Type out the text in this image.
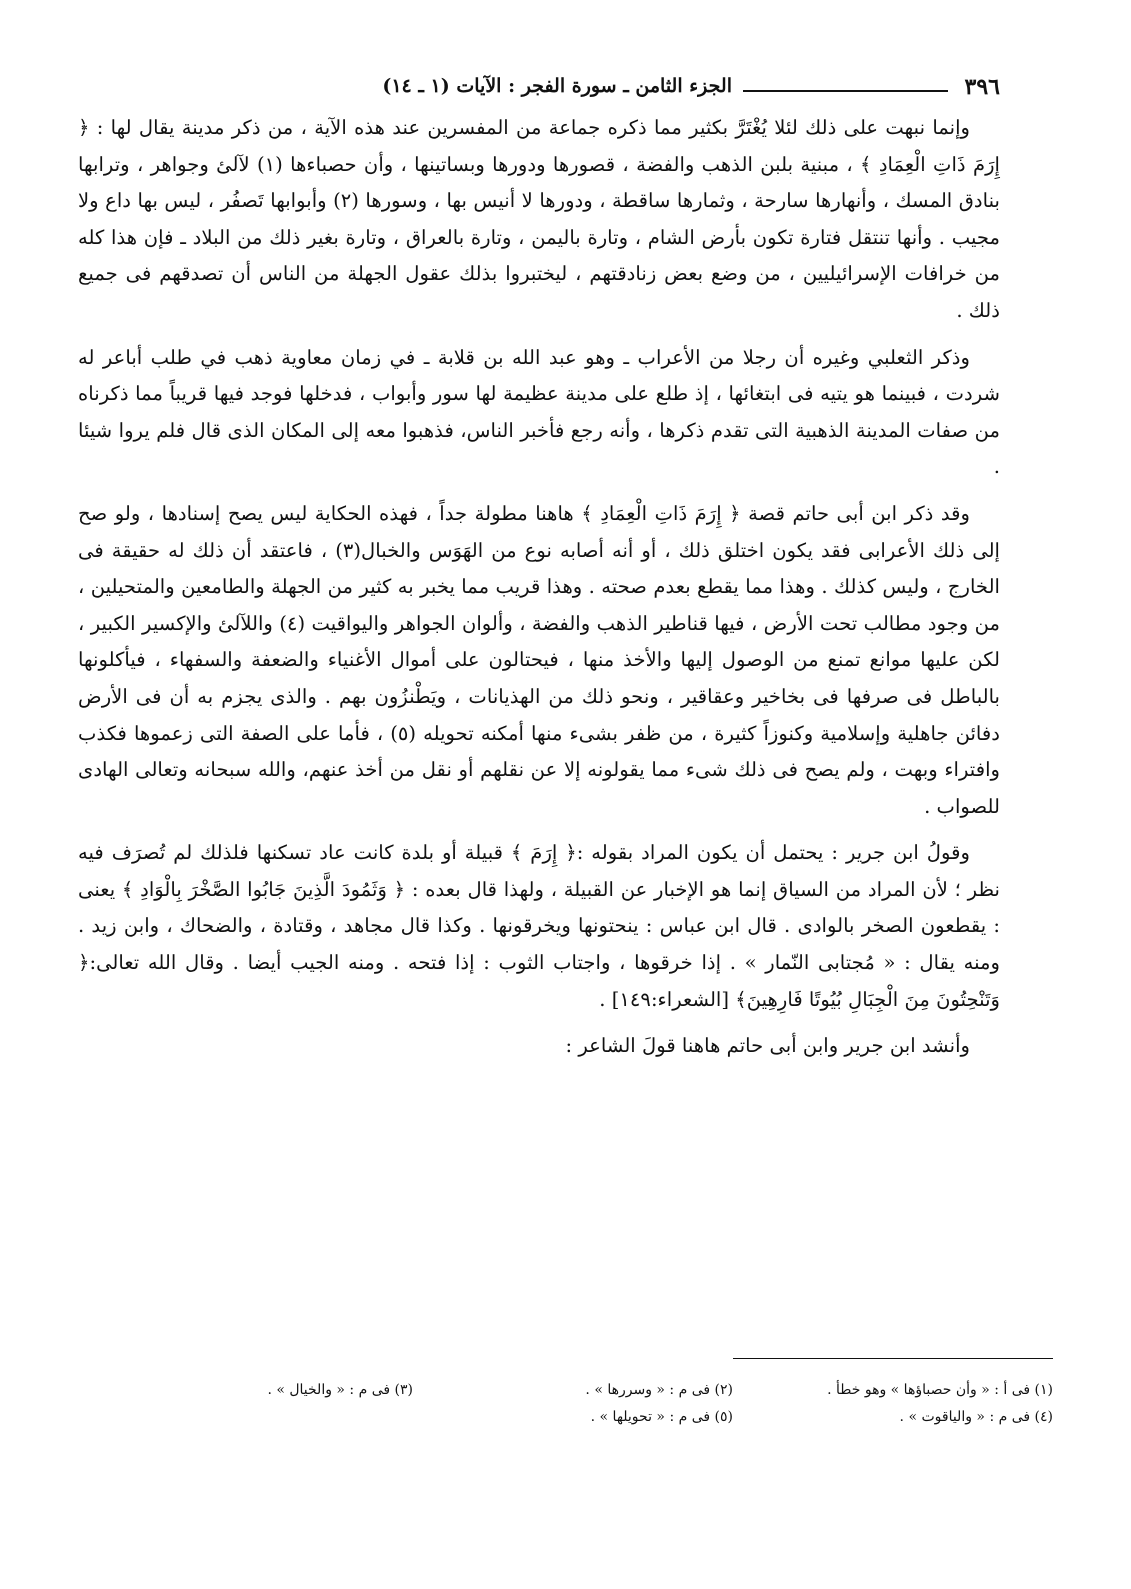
٣٩٦
الجزء الثامن ـ سورة الفجر : الآيات (١ ـ ١٤)

وإنما نبهت على ذلك لئلا يُغْتَرَّ بكثير مما ذكره جماعة من المفسرين عند هذه الآية ، من ذكر مدينة يقال لها : ﴿ إِرَمَ ذَاتِ الْعِمَادِ ﴾ ، مبنية بلبن الذهب والفضة ، قصورها ودورها وبساتينها ، وأن حصباءها (١) لآلئ وجواهر ، وترابها بنادق المسك ، وأنهارها سارحة ، وثمارها ساقطة ، ودورها لا أنيس بها ، وسورها (٢) وأبوابها تَصفُر ، ليس بها داع ولا مجيب . وأنها تنتقل فتارة تكون بأرض الشام ، وتارة باليمن ، وتارة بالعراق ، وتارة بغير ذلك من البلاد ـ فإن هذا كله من خرافات الإسرائيليين ، من وضع بعض زنادقتهم ، ليختبروا بذلك عقول الجهلة من الناس أن تصدقهم فى جميع ذلك .

وذكر الثعلبي وغيره أن رجلا من الأعراب ـ وهو عبد الله بن قلابة ـ في زمان معاوية ذهب في طلب أباعر له شردت ، فبينما هو يتيه فى ابتغائها ، إذ طلع على مدينة عظيمة لها سور وأبواب ، فدخلها فوجد فيها قريباً مما ذكرناه من صفات المدينة الذهبية التى تقدم ذكرها ، وأنه رجع فأخبر الناس، فذهبوا معه إلى المكان الذى قال فلم يروا شيئا .

وقد ذكر ابن أبى حاتم قصة ﴿ إِرَمَ ذَاتِ الْعِمَادِ ﴾ هاهنا مطولة جداً ، فهذه الحكاية ليس يصح إسنادها ، ولو صح إلى ذلك الأعرابى فقد يكون اختلق ذلك ، أو أنه أصابه نوع من الهَوَس والخبال(٣) ، فاعتقد أن ذلك له حقيقة فى الخارج ، وليس كذلك . وهذا مما يقطع بعدم صحته . وهذا قريب مما يخبر به كثير من الجهلة والطامعين والمتحيلين ، من وجود مطالب تحت الأرض ، فيها قناطير الذهب والفضة ، وألوان الجواهر واليواقيت (٤) واللآلئ والإكسير الكبير ، لكن عليها موانع تمنع من الوصول إليها والأخذ منها ، فيحتالون على أموال الأغنياء والضعفة والسفهاء ، فيأكلونها بالباطل فى صرفها فى بخاخير وعقاقير ، ونحو ذلك من الهذيانات ، ويَطْنزُون بهم . والذى يجزم به أن فى الأرض دفائن جاهلية وإسلامية وكنوزاً كثيرة ، من ظفر بشىء منها أمكنه تحويله (٥) ، فأما على الصفة التى زعموها فكذب وافتراء وبهت ، ولم يصح فى ذلك شىء مما يقولونه إلا عن نقلهم أو نقل من أخذ عنهم، والله سبحانه وتعالى الهادى للصواب .

وقولُ ابن جرير : يحتمل أن يكون المراد بقوله :﴿ إِرَمَ ﴾ قبيلة أو بلدة كانت عاد تسكنها فلذلك لم تُصرَف فيه نظر ؛ لأن المراد من السياق إنما هو الإخبار عن القبيلة ، ولهذا قال بعده : ﴿ وَثَمُودَ الَّذِينَ جَابُوا الصَّخْرَ بِالْوَادِ ﴾ يعنى : يقطعون الصخر بالوادى . قال ابن عباس : ينحتونها ويخرقونها . وكذا قال مجاهد ، وقتادة ، والضحاك ، وابن زيد . ومنه يقال : « مُجتابى النّمار » . إذا خرقوها ، واجتاب الثوب : إذا فتحه . ومنه الجيب أيضا . وقال الله تعالى:﴿ وَتَنْحِتُونَ مِنَ الْجِبَالِ بُيُوتًا فَارِهِينَ﴾ [الشعراء:١٤٩] .

وأنشد ابن جرير وابن أبى حاتم هاهنا قولَ الشاعر :

(١) فى أ : « وأن حصباؤها » وهو خطأ .
(٢) فى م : « وسررها » .
(٣) فى م : « والخيال » .
(٤) فى م : « والياقوت » .
(٥) فى م : « تحويلها » .
